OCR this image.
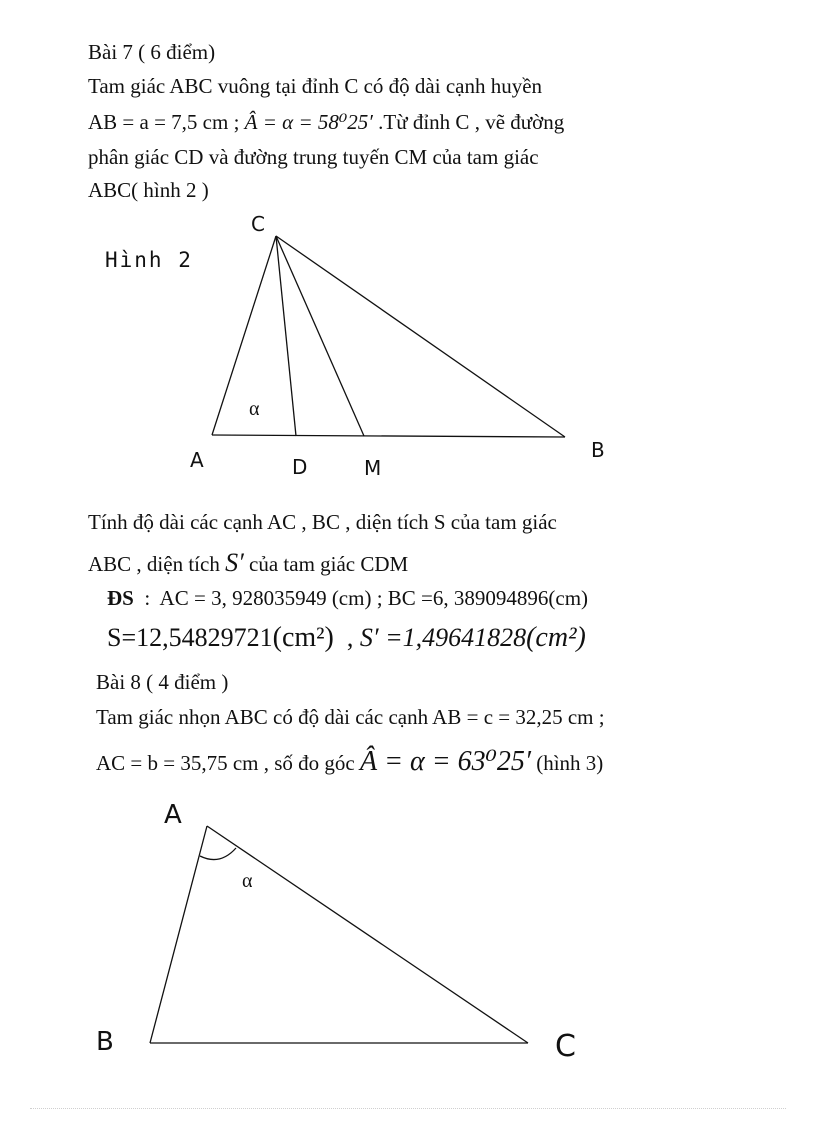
Bài 7 ( 6 điểm)
Tam giác ABC vuông tại đỉnh C có độ dài cạnh huyền
AB = a = 7,5 cm ; Â = α = 58⁰25′ .Từ đỉnh C , vẽ đường
phân giác CD và đường trung tuyến CM của tam giác
ABC( hình 2 )
Hình 2
C
A	B
D	M
α
Tính độ dài các cạnh AC , BC , diện tích S của tam giác
ABC , diện tích S′ của tam giác CDM
ĐS : AC = 3, 928035949 (cm) ; BC =6, 389094896(cm)
S=12,54829721(cm²) , S′ =1,49641828(cm²)
Bài 8 ( 4 điểm )
Tam giác nhọn ABC có độ dài các cạnh AB = c = 32,25 cm ;
AC = b = 35,75 cm , số đo góc Â = α = 63⁰25′ (hình 3)
A
B	C
α
